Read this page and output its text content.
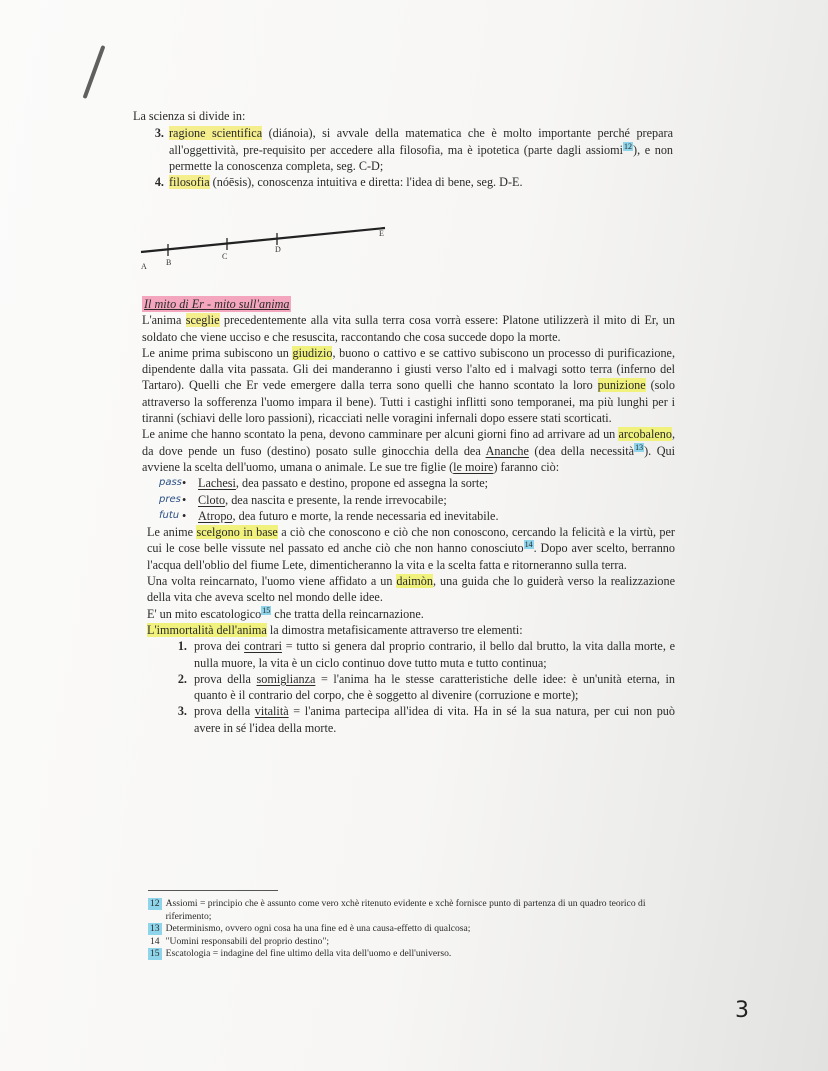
La scienza si divide in:

3. ragione scientifica (diánoia), si avvale della matematica che è molto importante perché prepara all'oggettività, pre-requisito per accedere alla filosofia, ma è ipotetica (parte dagli assiomi$^{12}$), e non permette la conoscenza completa, seg. C-D;
4. filosofia (nóēsis), conoscenza intuitiva e diretta: l'idea di bene, seg. D-E.
A B
C
D
E
Il mito di Er - mito sull'anima

L'anima sceglie precedentemente alla vita sulla terra cosa vorrà essere: Platone utilizzerà il mito di Er, un soldato che viene ucciso e che resuscita, raccontando che cosa succede dopo la morte.

Le anime prima subiscono un giudizio, buono o cattivo e se cattivo subiscono un processo di purificazione, dipendente dalla vita passata. Gli dei manderanno i giusti verso l'alto ed i malvagi sotto terra (inferno del Tartaro). Quelli che Er vede emergere dalla terra sono quelli che hanno scontato la loro punizione (solo attraverso la sofferenza l'uomo impara il bene). Tutti i castighi inflitti sono temporanei, ma più lunghi per i tiranni (schiavi delle loro passioni), ricacciati nelle voragini infernali dopo essere stati scorticati.

Le anime che hanno scontato la pena, devono camminare per alcuni giorni fino ad arrivare ad un arcobaleno, da dove pende un fuso (destino) posato sulle ginocchia della dea Ananche (dea della necessità$^{13}$). Qui avviene la scelta dell'uomo, umana o animale. Le sue tre figlie (le moire) faranno ciò:

• pass Lachesi, dea passato e destino, propone ed assegna la sorte;
• pres Cloto, dea nascita e presente, la rende irrevocabile;
• futu Atropo, dea futuro e morte, la rende necessaria ed inevitabile.

Le anime scelgono in base a ciò che conoscono e ciò che non conoscono, cercando la felicità e la virtù, per cui le cose belle vissute nel passato ed anche ciò che non hanno conosciuto$^{14}$. Dopo aver scelto, berranno l'acqua dell'oblio del fiume Lete, dimenticheranno la vita e la scelta fatta e ritorneranno sulla terra.

Una volta reincarnato, l'uomo viene affidato a un daimòn, una guida che lo guiderà verso la realizzazione della vita che aveva scelto nel mondo delle idee.

E' un mito escatologico$^{15}$ che tratta della reincarnazione.

L'immortalità dell'anima la dimostra metafisicamente attraverso tre elementi:

1. prova dei contrari = tutto si genera dal proprio contrario, il bello dal brutto, la vita dalla morte, e nulla muore, la vita è un ciclo continuo dove tutto muta e tutto continua;
2. prova della somiglianza = l'anima ha le stesse caratteristiche delle idee: è un'unità eterna, in quanto è il contrario del corpo, che è soggetto al divenire (corruzione e morte);
3. prova della vitalità = l'anima partecipa all'idea di vita. Ha in sé la sua natura, per cui non può avere in sé l'idea della morte.
12 Assiomi = principio che è assunto come vero xchè ritenuto evidente e xchè fornisce punto di partenza di un quadro teorico di riferimento;
13 Determinismo, ovvero ogni cosa ha una fine ed è una causa-effetto di qualcosa;
14 "Uomini responsabili del proprio destino";
15 Escatologia = indagine del fine ultimo della vita dell'uomo e dell'universo.
3
